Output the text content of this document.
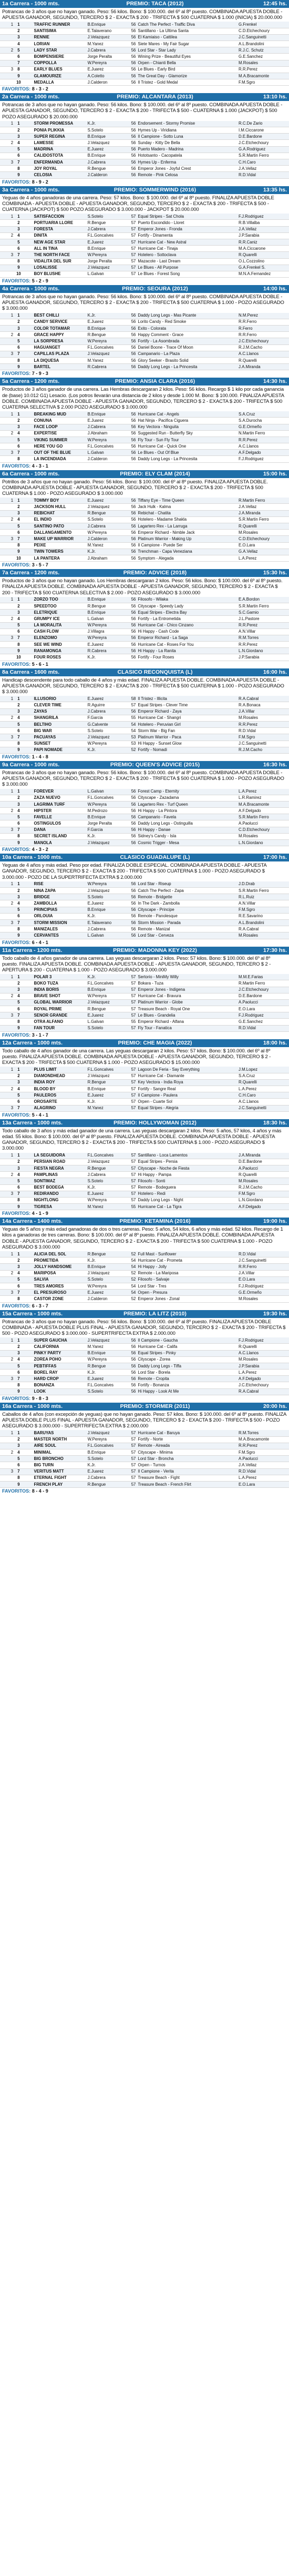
1a Carrera - 1000 mts.	PREMIO: TACA (2012)	12:45 hs.
Potrancas de 3 años que no hayan ganado. Peso: 56 kilos. Bono: $ 100.000. del 6º al 8º puesto. COMBINADA APUESTA DOBLE - APUESTA GANADOR, SEGUNDO, TERCERO $ 2 - EXACTA $ 200 - TRIFECTA $ 500 CUATERNA $ 1.000 (INICIA) $ 20.000.000
1	1		TRAFFIC RUNNER	B.Enrique	56	Catch The Perfect - Traffic Diva	G.Frenkel
	2		SANTISIMA	E.Talaverano	56	Santillano - La Ultima Santa	C.D.Etchechoury
	3		RENNIE	J.Velazquez	56	El Kamiaiso - Cattilea	J.C.Sanguinetti
	4		LORIAN	M.Yanez	56	Siete Mares - My Fair Sugar	A.L.Brandolini
2	5		LADY STAR	J.Cabrera	56	Lord Star - Star Lady	R.J.C. Schutz
	6		BOMPENSIERE	Jorge Peralta	56	Wining Prize - Beautiful Eyes	G.E.Sanchez
	7		COPPOLLA	W.Pereyra	56	Orpen - Chianti Bella	M.Rosales
3	8		EARLY BLUES	E.Juarez	56	Le Blues - Early Bird	R.R.Perez
	9		GLAMOURIZE	A.Coletto	56	The Great Day - Glamorize	M.A.Bracamonte
	10		MEDALLA	J.Calderon	56	Il Tristez - Gold Medal	F.M.Sgro
FAVORITOS: 8 - 3 - 2
2a Carrera - 1000 mts.	PREMIO: ALCANTARA (2013)	13:10 hs.
Potrancas de 3 años que no hayan ganado. Peso: 56 kilos. Bono: $ 100.000. del 6º al 8º puesto. COMBINADA APUESTA DOBLE - APUESTA GANADOR, SEGUNDO, TERCERO $ 2 - EXACTA $ 200 - TRIFECTA $ 500 - CUATERNA $ 1.000 (JACKPOT) $ 500 POZO ASEGURADO $ 20.000.000
1	1		STORM PROMESSA	K.Jr.	56	Endorsement - Stormy Promise	R.C.De Zario
	2		PONIA PLIKKIA	S.Sotelo	56	Hymes Up - Viridiana	I.M.Ciccarone
	3		SUPER REGINA	B.Enrique	56	Il Campione - Sotto Luna	D.E.Bardone
2	4		LAMESSE	J.Velazquez	56	Sunday - Kitty De Bella	J.C.Etchechoury
	5		MADRINA	E.Juarez	56	Puerto Madero - Madrina	G.A.Rodriguez
	6		CALIDOSTOTA	B.Enrique	56	Hototsanto - Cacopatela	S.R.Martin Ferro
3	7		ENFERMANDA	J.Cabrera	56	Hymes Up - Enferma	C.H.Caro
	8		JOY ROYAL	R.Bengue	56	Emperor Jones - Joyful Crest	J.A.Vellaz
	9		CELOSIA	J.Calderon	56	Remote - Pink Celosa	R.D.Vidal
FAVORITOS: 8 - 9 - 2
3a Carrera - 1000 mts.	PREMIO: SOMMERWIND (2016)	13:35 hs.
Yeguas de 4 años ganadoras de una carrera. Peso: 57 kilos. Bono: $ 100.000. del 6º al 8º puesto. FINALIZA APUESTA DOBLE COMBINADA - APUESTA DOBLE - APUESTA GANADOR, SEGUNDO, TERCERO $ 2 - EXACTA $ 200 - TRIFECTA $ 500 - CUATERNA (JACKPOT) $ 500 POZO ASEGURADO $ 3.000.000 - JACKPOT $ 20.000.000
1	1		SATISFACCION	S.Sotelo	57	Equal Stripes - Sat Chola	F.J.Rodriguez
	2		PORTUARIA LLORE	R.Bengue	57	Puerto Escondido - Lloret	R.B.Villalba
	3		FORESTA	J.Cabrera	57	Emperor Jones - Fronda	J.A.Vellaz
2	4		DINITA	F.L.Goncalves	57	Fortify - Dinamenta	J.P.Sarabia
	5		NEW AGE STAR	E.Juarez	57	Hurricane Cat - New Astral	R.R.Caniz
	6		ALL IN TINA	B.Enrique	57	Hurricane Cat - Tinaja	M.A.Ciccarone
3	7		THE NORTH FACE	W.Pereyra	57	Hotelero - Sottoclava	R.Quarelli
	8		VIDALITA DEL SUR	Jorge Peralta	57	Mazacote - Last Dream	O.L.Cozzolino
	9		LOSALISSE	J.Velazquez	57	Le Blues - All Purpose	G.A.Frenkel S.
	10		BOY BLUSHE	L.Galvan	57	Le Blues - Forest Song	M.N.A.Fernandez
FAVORITOS: 5 - 2 - 9
4a Carrera - 1000 mts.	PREMIO: SEOURA (2012)	14:00 hs.
Potrancas de 3 años que no hayan ganado. Peso: 56 kilos. Bono: $ 100.000. del 6º al 8º puesto. COMBINADA APUESTA DOBLE - APUESTA GANADOR, SEGUNDO, TERCERO $ 2 - EXACTA $ 200 - TRIFECTA $ 500 CUATERNA $ 1.000 - POZO ASEGURADO $ 3.000.000
1	1		BEST CHILLI	K.Jr.	56	Daddy Long Legs - Mas Picante	N.M.Perez
	2		CANDY SERVICE	E.Juarez	56	Lorito Candy - Red Smoke	R.R.Ferro
	3		COLOR TOTAMAR	B.Enrique	56	Exito - Colorata	R.Ferro
2	4		GRACE HAPPY	R.Bengue	56	Happy Comment - Grace	R.R.Ferro
	5		LA SORPRESA	W.Pereyra	56	Fortify - La Asombrada	J.C.Etchechoury
	6		HAGUANGET	F.L.Goncalves	56	Daniel Boone - Trace Of Moon	R.J.M.Cacho
3	7		CAPILLAS PLAZA	J.Velazquez	56	Campanario - La Plaza	A.C.Llanos
	8		LA DIQUESA	M.Yanez	56	Glory Seeker - Brasito Solid	R.Quarelli
	9		BARTEL	R.Cabrera	56	Daddy Long Legs - La Princesita	J.A.Miranda
FAVORITOS: 7 - 9 - 3
5a Carrera - 1200 mts.	PREMIO: ANSIA CLARA (2016)	14:30 hs.
Productos de 3 años ganador de una carrera. Las Hembras descargaran 2 kilos. Peso: 56 kilos. Recargo $ 1 kilo por cada ganancia de (base) 10.012 G1) Lesacio. (Los potros llevarán una distancia de 2 kilos y desde 1.000 M. Bono: $ 100.000. FINALIZA APUESTA DOBLE. COMBINADA APUESTA DOBLE - APUESTA GANADOR, SEGUNDO, TERCERO $ 2 - EXACTA $ 200 - TRIFECTA $ 500 CUATERNA SELECTIVA $ 2.000 POZO ASEGURADO $ 3.000.000
1	1		BREAKING MUD	B.Enrique	56	Hurricane Cat - Angels	S.A.Cruz
	2		CONUNA	E.Juarez	56	Hat Ninja - Pacifica Ciguera	S.A.Durocha
	3		FACE LOOP	J.Cabrera	56	Key Vectora - Ninguita	G.E.Ormeño
2	4		EXPERTISE	J.Abraham	56	Suggested Run - Butterfly Sky	N.Martin Ferro
	5		VIKING SUMMER	W.Pereyra	56	Fly Tour - Sun Fly Tour	R.R.Perez
	6		HERE YOU GO	F.L.Goncalves	56	Hurricane Cat - Quick One	A.C.Llanos
3	7		OUT OF THE BLUE	L.Galvan	56	Le Blues - Out Of Blue	A.F.Delgado
	8		LA INCENDIADA	J.Calderon	56	Daddy Long Legs - La Princesita	F.J.Rodriguez
FAVORITOS: 4 - 3 - 1
6a Carrera - 1000 mts.	PREMIO: ELY CLAM (2014)	15:00 hs.
Potrillos de 3 años que no hayan ganado. Peso: 56 kilos. Bono: $ 100.000. del 6º al 8º puesto. FINALIZA APUESTA DOBLE. COMBINADA APUESTA DOBLE - APUESTA GANADOR, SEGUNDO, TERCERO $ 2 - EXACTA $ 200 - TRIFECTA $ 500 CUATERNA $ 1.000 - POZO ASEGURADO $ 3.000.000
1	1		TOMMY BOY	E.Juarez	56	Tiffany Eye - Time Queen	R.Martin Ferro
	2		JACKSON HULL	J.Velazquez	56	Jack Hulk - Kalma	J.A.Vellaz
	3		REBICHAT	R.Bengue	56	Rebichat - Chatita	J.A.Miranda
2	4		EL INDIO	S.Sotelo	56	Hotelero - Madame Shakla	S.R.Martin Ferro
	5		SANTINO PATO	J.Cabrera	56	Lagartero Rex - La Larruga	R.Quarelli
	6		DALLANGAMENTO	W.Pereyra	56	Emperor Richard - Nimble Jack	M.Rosales
3	7		MAKE UP WARRIOR	J.Calderon	56	Platinum Warrior - Making Up	C.D.Etchechoury
	8		PEIXE	M.Yanez	56	Il Campione - Puede Ser	E.O.Lara
	9		TWIN TOWERS	K.Jr.	56	Trenchman - Capa Veneziana	G.A.Vellaz
	10		LA PANTERA	J.Abraham	56	Symptom - Alegada	L.A.Perez
FAVORITOS: 3 - 5 - 7
7a Carrera - 1200 mts.	PREMIO: ADVICE (2018)	15:30 hs.
Productos de 3 años que no hayan ganado. Los Hembras descargaran 2 kilos. Peso: 56 kilos. Bono: $ 100.000. del 6º al 8º puesto. FINALIZA APUESTA DOBLE. COMBINADA APUESTA DOBLE - APUESTA GANADOR, SEGUNDO, TERCERO $ 2 - EXACTA $ 200 - TRIFECTA $ 500 CUATERNA SELECTIVA $ 2.000 - POZO ASEGURADO $ 3.000.000
1	1		ZORZO TOO	B.Enrique	56	Filosofo - Wilaka	E.A.Bordon
	2		SPEEDTOO	R.Bengue	56	Cityscape - Speedy Lady	S.R.Martin Ferro
	3		ELETRIQUE	B.Enrique	56	Equal Stripes - Electra Bay	S.C.Gamio
2	4		GRUMPY ICE	L.Galvan	56	Fortify - La Entrometida	J.L.Pastore
	5		LA MORALITA	W.Pereyra	56	Hurricane Cat - Chico Cinzano	R.R.Perez
	6		CASH FLOW	J.Villagra	56	Hi Happy - Cash Code	A.N.Villar
3	7		ELENZOMO	W.Pereyra	56	Emperor Richard - La Saga	R.M.Torres
	8		SEE WE WIND	E.Juarez	56	Hurricane Cat - Roses For You	R.R.Perez
	9		RANAMONGA	R.Cabrera	56	Hi Happy - La Ranita	L.N.Giordano
	10		FOUR ROSES	K.Jr.	56	Fortify - Four Roses	J.P.Sarabia
FAVORITOS: 5 - 6 - 1
8a Carrera - 1600 mts.	CLASICO RECONQUISTA (L)	16:00 hs.
Handicap descendente para todo caballo de 4 años y más edad. FINALIZA APUESTA DOBLE. COMBINADA APUESTA DOBLE - APUESTA GANADOR, SEGUNDO, TERCERO $ 2 - EXACTA $ 200 - TRIFECTA $ 500 CUATERNA $ 1.000 - POZO ASEGURADO $ 3.000.000
1	1		ILLUSORIO	E.Juarez	58	Il Tristez - Illicita	R.A.Cabral
	2		CLEVER TIME	R.Aguirre	57	Equal Stripes - Clever Time	R.A.Bonaca
	3		ZAYAS	J.Cabrera	56	Emperor Richard - Zaya	J.A.Villar
2	4		SHANGRILA	F.Garcia	55	Hurricane Cat - Shangri	M.Rosales
	5		BELTIHO	G.Calvente	54	Hotelero - Peruvian Girl	R.R.Perez
	6		BIG WAR	S.Sotelo	54	Storm War - Big Fan	R.D.Vidal
3	7		PACUAYAS	J.Velazquez	53	Platinum Warrior - Paca	F.M.Sgro
	8		SUNSET	W.Pereyra	53	Hi Happy - Sunset Glow	J.C.Sanguinetti
	9		PAPI NOMADE	K.Jr.	52	Fortify - Nomadi	R.J.M.Cacho
FAVORITOS: 1 - 4 - 8
9a Carrera - 1000 mts.	PREMIO: QUEEN'S ADVICE (2015)	16:30 hs.
Potrancas de 3 años que no hayan ganado. Peso: 56 kilos. Bono: $ 100.000. del 6º al 8º puesto. COMBINADA APUESTA DOBLE - APUESTA GANADOR, SEGUNDO, TERCERO $ 2 - EXACTA $ 200 - TRIFECTA $ 500 CUATERNA $ 1.000 - POZO ASEGURADO $ 3.000.000
1	1		FOREVER	L.Galvan	56	Forest Camp - Eternity	L.A.Perez
	2		ZAZA NUEVO	F.L.Goncalves	56	Cityscape - Zazadama	L.R.Ramirez
	3		LAGRIMA TURF	W.Pereyra	56	Lagartero Rex - Turf Queen	M.A.Bracamonte
2	4		HIPSTER	M.Pedrozo	56	Hi Happy - La Pintora	A.F.Delgado
	5		FAVELLE	B.Enrique	56	Campanario - Favela	S.R.Martin Ferro
	6		OSTINGULOS	Jorge Peralta	56	Daddy Long Legs - Ostinguilla	A.Paolucci
3	7		DANA	F.Garcia	56	Hi Happy - Danae	C.D.Etchechoury
	8		SECRET ISLAND	K.Jr.	56	Sidney's Candy - Isla	M.Rosales
	9		MANOLA	J.Velazquez	56	Cosmic Trigger - Mesa	L.N.Giordano
FAVORITOS: 4 - 3 - 2
10a Carrera - 1000 mts.	CLASICO GUADALUPE (L)	17:00 hs.
Yeguas de 4 años y más edad. Peso por edad. FINALIZA DOBLE ESPECIAL. COMBINADA APUESTA DOBLE - APUESTA GANADOR, SEGUNDO, TERCERO $ 2 - EXACTA $ 200 - TRIFECTA $ 500 CUATERNA $ 1.000 - POZO ASEGURADO $ 3.000.000 - POZO DE LA SUPERTRIFECTA EXTRA $ 2.000.000
1	1		RISE	W.Pereyra	56	Lord Star - Riseup	J.D.Drab
	2		NINA ZAPA	J.Velazquez	56	Catch The Perfect - Zapa	S.R.Martin Ferro
	3		BRIDGE	S.Sotelo	56	Remote - Bridgette	R.L.Ruiz
2	4		ZAMBOLLA	E.Juarez	56	In The Dark - Zambolla	A.N.Villar
	5		PRINCIPIAS	B.Enrique	56	Cityscape - Principe	F.M.Sgro
	6		ORLOUIA	K.Jr.	56	Remote - Panolesque	R.E.Savarino
3	7		STORM MISSION	E.Talaverano	56	Storm Mission - Parada	A.L.Brandolini
	8		MANIZALES	J.Cabrera	56	Remote - Manizal	R.A.Cabral
	9		CERVANTES	L.Galvan	56	Lord Star - Cerveza	M.Rosales
FAVORITOS: 6 - 4 - 1
11a Carrera - 1200 mts.	PREMIO: MADONNA KEY (2022)	17:30 hs.
Todo caballo de 4 años ganador de una carrera. Las yeguas descargaran 2 kilos. Peso: 57 kilos. Bono: $ 100.000. del 6º al 8º puesto. FINALIZA APUESTA DOBLE. COMBINADA APUESTA DOBLE - APUESTA GANADOR, SEGUNDO, TERCERO $ 2 - APERTURA $ 200 - CUATERNA $ 1.000 - POZO ASEGURADO $ 3.000.000
1	1		POLAR 3	K.Jr.	57	Sertorio - MiniMy Willy	M.M.E.Farias
	2		BOKO TUZA	F.L.Goncalves	57	Bokara - Tuza	R.Martin Ferro
	3		INDIA BORIS	B.Enrique	57	Emperor Jones - Indigena	J.C.Etchechoury
2	4		BRAVE SHOT	W.Pereyra	57	Hurricane Cat - Bravura	D.E.Bardone
	5		GLOBAL WARRIOR	J.Velazquez	57	Platinum Warrior - Globe	A.Paolucci
	6		ROYAL PRIME	R.Bengue	57	Treasure Beach - Royal One	E.O.Lara
3	7		SENOR GRANDE	E.Juarez	57	Le Blues - Grandelia	F.J.Rodriguez
	8		OTRA ALFANO	L.Galvan	55	Emperor Richard - Alfana	G.E.Sanchez
	9		FAN TOUR	S.Sotelo	57	Fly Tour - Fanatica	R.D.Vidal
FAVORITOS: 3 - 1 - 7
12a Carrera - 1000 mts.	PREMIO: CHE MAGIA (2022)	18:00 hs.
Todo caballo de 4 años ganador de una carrera. Las yeguas descargaran 2 kilos. Peso: 57 kilos. Bono: $ 100.000. del 6º al 8º puesto. FINALIZA APUESTA DOBLE. COMBINADA APUESTA DOBLE - APUESTA GANADOR, SEGUNDO, TERCERO $ 2 - EXACTA $ 200 - TRIFECTA $ 500 CUATERNA $ 1.000 - POZO ASEGURADO $ 15.000.000
1	1		PLUS LIMIT	F.L.Goncalves	57	Lagoon De Feria - Say Everything	J.M.Lopez
	2		DIAMONDHEAD	J.Velazquez	57	Hurricane Cat - Diamante	S.A.Cruz
	3		INDIA ROY	R.Bengue	57	Key Vectora - India Roya	R.Quarelli
2	4		BLOOD BY	B.Enrique	57	Fortify - Sangre Real	L.A.Perez
	5		PAULEROS	E.Juarez	57	Il Campione - Paulera	C.H.Caro
	6		OROSARTE	K.Jr.	57	Orpen - Cuarte Sol	A.C.Llanos
3	7		ALAGRINO	M.Yanez	57	Equal Stripes - Alegria	J.C.Sanguinetti
FAVORITOS: 5 - 4 - 1
13a Carrera - 1000 mts.	PREMIO: HOLLYWOMAN (2012)	18:30 hs.
Todo caballo de 3 años y más edad ganador de una carrera. Las yeguas descargaran 2 kilos. Peso: 5 años, 57 kilos, 4 años y más edad. 55 kilos. Bono: $ 100.000. del 6º al 8º puesto. FINALIZA APUESTA DOBLE. COMBINADA APUESTA DOBLE - APUESTA GANADOR, SEGUNDO, TERCERO $ 2 - EXACTA $ 200 - TRIFECTA $ 500 CUATERNA $ 1.000 - POZO ASEGURADO $ 3.000.000
1	1		LA SEGUIDORA	F.L.Goncalves	57	Santillano - Loca Lamentos	J.A.Miranda
	2		PERSIAN ROAD	J.Velazquez	57	Equal Stripes - Persia	D.E.Bardone
	3		FIESTA NEGRA	R.Bengue	57	Cityscape - Noche de Fiesta	A.Paolucci
2	4		PAMPLINAS	J.Cabrera	57	Hi Happy - Pampa	R.Quarelli
	5		SONTIMAZ	S.Sotelo	57	Filosofo - Sonti	M.Rosales
	6		BEST BODEGA	K.Jr.	57	Remote - Bodeguera	R.J.M.Cacho
3	7		REDIRANDO	E.Juarez	57	Hotelero - Redi	F.M.Sgro
	8		NIGHTLONG	W.Pereyra	57	Daddy Long Legs - Night	L.N.Giordano
	9		TIGRESA	M.Yanez	55	Hurricane Cat - La Tigra	A.F.Delgado
FAVORITOS: 4 - 1 - 9
14a Carrera - 1400 mts.	PREMIO: KETAMINA (2016)	19:00 hs.
Yeguas de 5 años y más edad ganadoras de dos o tres carreras. Peso: 5 años, 54 kilos, 6 años y más edad. 52 kilos. Recargo de 1 kilos a ganadoras de tres carreras. Bono: $ 100.000. del 6º al 8º puesto. FINALIZA APUESTA DOBLE. COMBINADA APUESTA DOBLE - APUESTA GANADOR, SEGUNDO, TERCERO $ 2 - EXACTA $ 200 - TRIFECTA $ 500 CUATERNA $ 1.000 - POZO ASEGURADO $ 3.000.000
1	1		ALICIA DEL SOL	R.Bengue	52	Full Mast - Sunflower	R.D.Vidal
	2		PROMETIDA	K.Jr.	54	Hurricane Cat - Prometa	J.C.Sanguinetti
	3		JOLLY HANDSOME	B.Enrique	54	Hi Happy - Jolly	R.R.Ferro
2	4		MARIPOSA	J.Velazquez	52	Remote - La Mariposa	J.A.Villar
	5		SALVIA	S.Sotelo	52	Filosofo - Salvaje	E.O.Lara
	6		TRES AMORES	W.Pereyra	54	Lord Star - Tres	F.J.Rodriguez
3	7		EL PRESUROSO	E.Juarez	54	Orpen - Presura	G.E.Ormeño
	8		CASTOR ZONE	J.Calderon	52	Emperor Jones - Zonal	M.Rosales
FAVORITOS: 6 - 3 - 7
15a Carrera - 1000 mts.	PREMIO: LA LITZ (2010)	19:30 hs.
Potrancas de 3 años que no hayan ganado. Peso: 56 kilos. Bono: $ 100.000. del 6º al 8º puesto. FINALIZA APUESTA DOBLE COMBINADA - APUESTA DOBLE PLUS FINAL - APUESTA GANADOR, SEGUNDO, TERCERO $ 2 - EXACTA $ 200 - TRIFECTA $ 500 - POZO ASEGURADO $ 3.000.000 - SUPERTRIFECTA EXTRA $ 2.000.000
1	1		SUPER GAUCHA	J.Velazquez	56	Il Campione - Gaucha	F.J.Rodriguez
	2		CALIFORNIA	M.Yanez	56	Hurricane Cat - Califa	R.Quarelli
	3		PINKY PARTY	B.Enrique	56	Equal Stripes - Pinky	A.C.Llanos
2	4		ZOREA POHO	W.Pereyra	56	Cityscape - Zorea	M.Rosales
	5		PEBTIFFAS	R.Bengue	56	Daddy Long Legs - Tiffa	J.P.Sarabia
	6		BOREL RAY	K.Jr.	56	Lord Star - Borela	L.A.Perez
3	7		HARD CROP	E.Juarez	56	Remote - Cropita	A.F.Delgado
	8		BONANZA	F.L.Goncalves	56	Fortify - Bonanza	J.C.Etchechoury
	9		LOOK	S.Sotelo	56	Hi Happy - Look At Me	R.A.Cabral
FAVORITOS: 9 - 8 - 3
16a Carrera - 1000 mts.	PREMIO: STORMER (2011)	20:00 hs.
Caballos de 4 años (con excepción de yeguas) que no hayan ganado. Peso: 57 kilos. Bono: $ 100.000. del 6º al 8º puesto. FINALIZA APUESTA DOBLE PLUS FINAL - APUESTA GANADOR, SEGUNDO, TERCERO $ 2 - EXACTA $ 200 - TRIFECTA $ 500 - POZO ASEGURADO $ 3.000.000 - SUPERTRIFECTA EXTRA $ 2.000.000
1	1		BARUYAS	J.Velazquez	57	Hurricane Cat - Baruya	R.M.Torres
	2		MASTER NORTH	W.Pereyra	57	Fortify - Norte	M.A.Bracamonte
	3		AIRE SOUL	F.L.Goncalves	57	Remote - Aireada	R.R.Perez
2	4		MINIMAL	B.Enrique	57	Cityscape - Minima	F.M.Sgro
	5		BIG BRONCHO	S.Sotelo	57	Lord Star - Broncha	A.Paolucci
	6		BIG TURN	K.Jr.	57	Orpen - Turnos	J.A.Vellaz
3	7		VERITUS MATT	E.Juarez	57	Il Campione - Verita	R.D.Vidal
	8		ETERNAL FIGHT	J.Cabrera	57	Treasure Beach - Fight	L.A.Perez
	9		FRENCH PLAY	R.Bengue	57	Treasure Beach - French Flirt	E.O.Lara
FAVORITOS: 8 - 4 - 9
